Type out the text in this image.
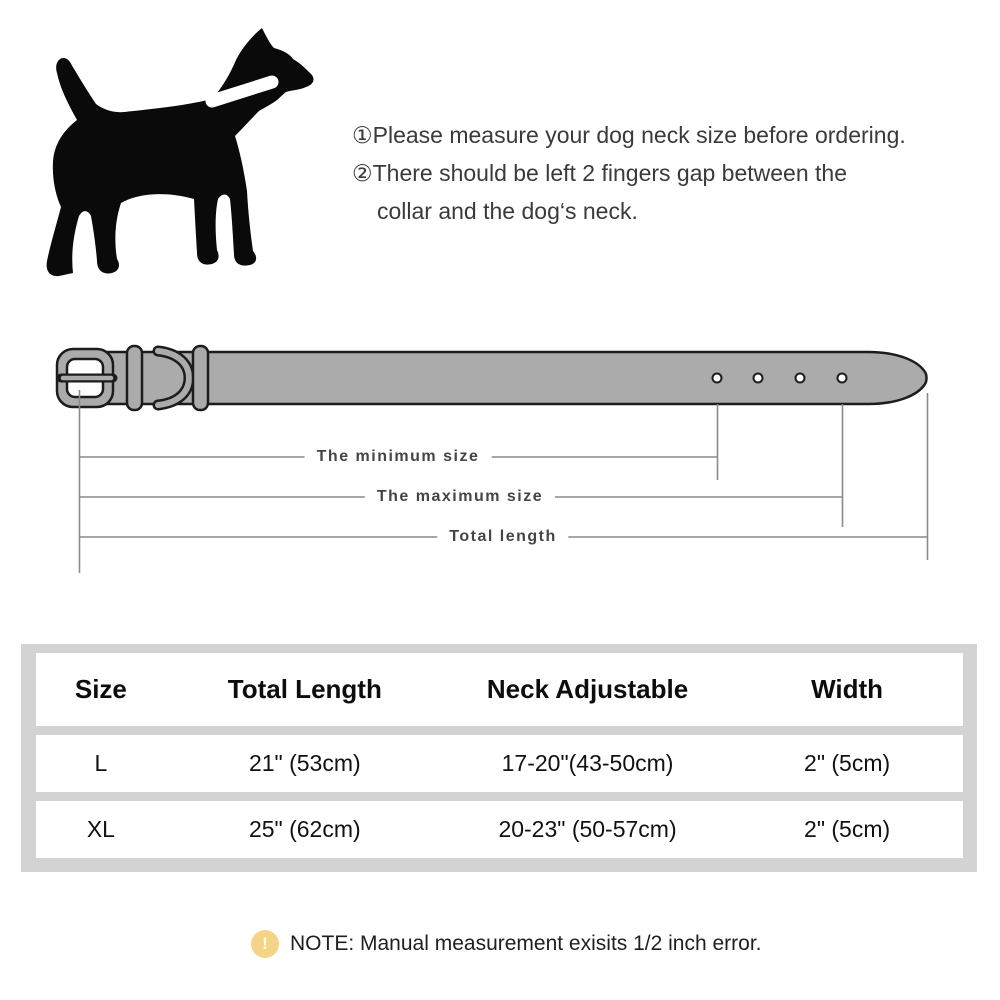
①Please measure your dog neck size before ordering.
②There should be left 2 fingers gap between the
collar and the dog‘s neck.
The minimum size
The maximum size
Total length
Size	Total Length	Neck Adjustable	Width
L	21" (53cm)	17-20"(43-50cm)	2" (5cm)
XL	25" (62cm)	20-23" (50-57cm)	2" (5cm)
!	NOTE: Manual measurement exisits 1/2 inch error.
